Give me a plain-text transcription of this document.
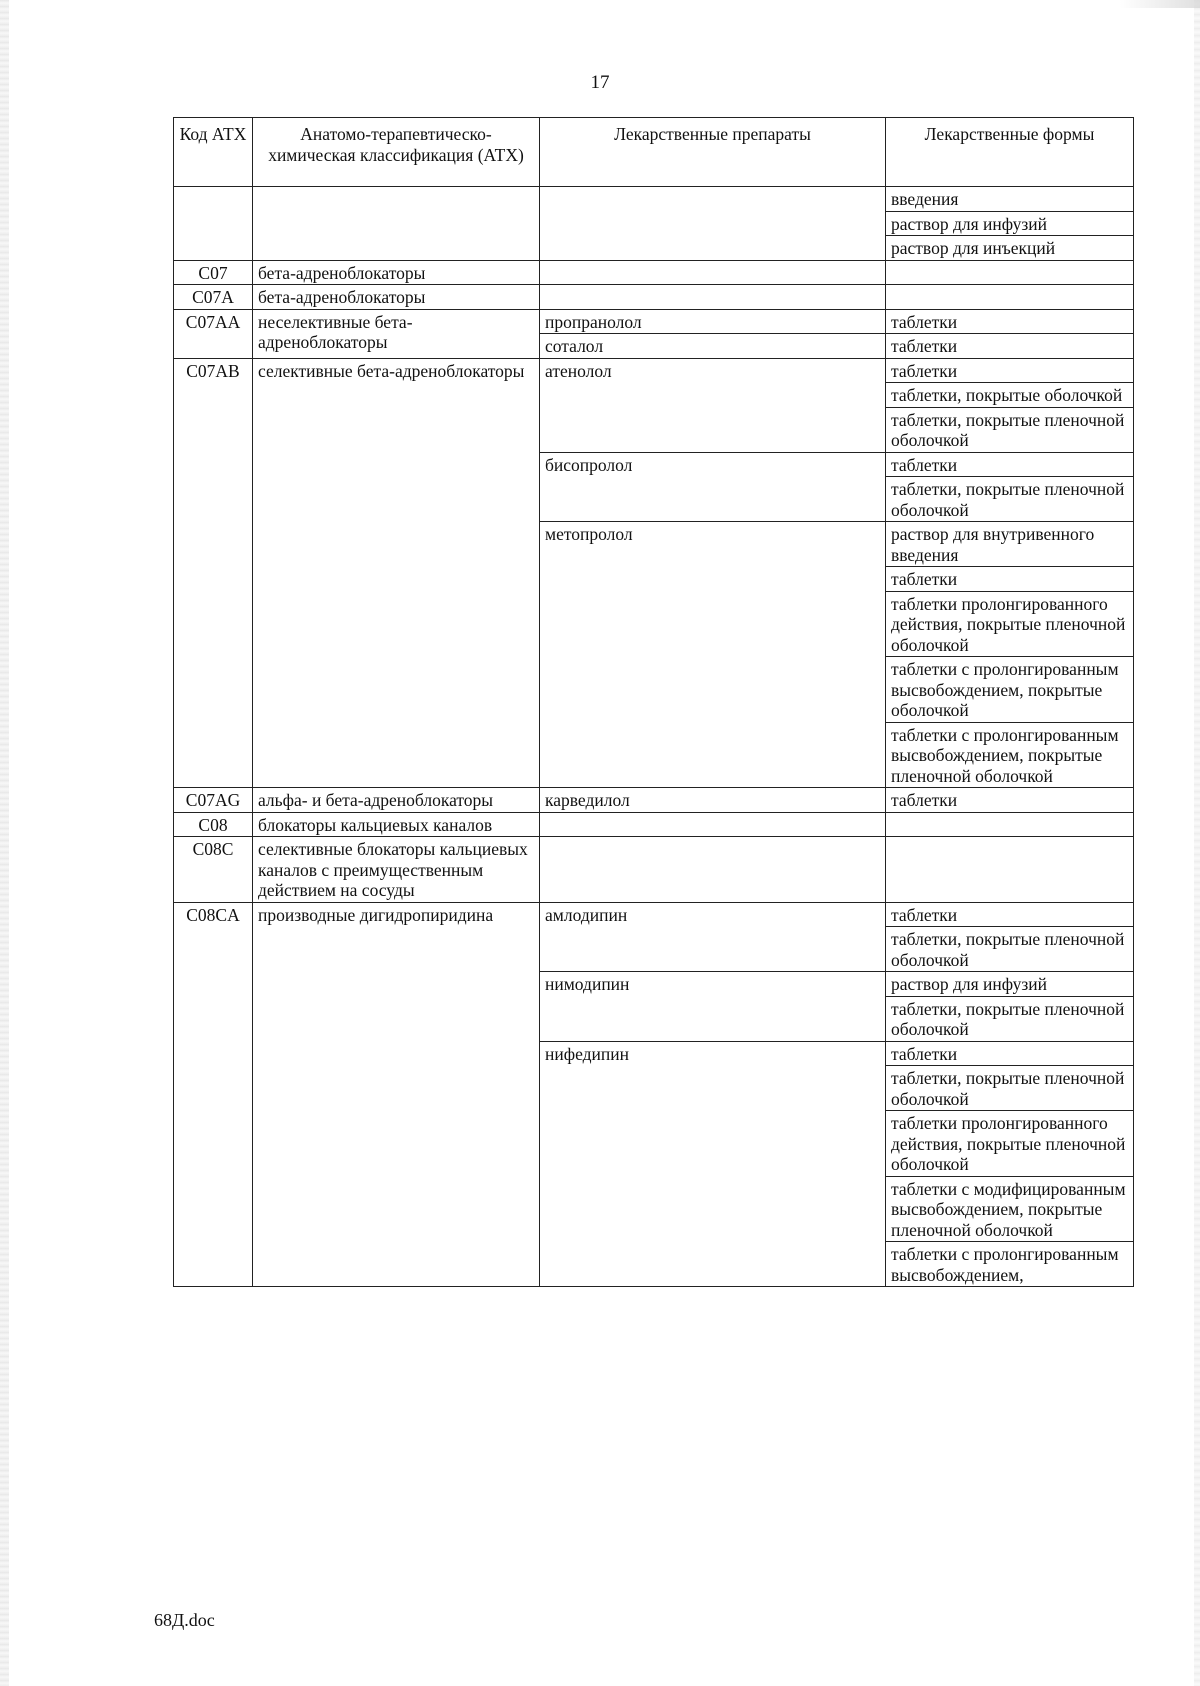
17
Код АТХ	Анатомо-терапевтическо-химическая классификация (АТХ)	Лекарственные препараты	Лекарственные формы
			введения
			раствор для инфузий
			раствор для инъекций
C07	бета-адреноблокаторы		
C07A	бета-адреноблокаторы		
C07AA	неселективные бета-адреноблокаторы	пропранолол	таблетки
		соталол	таблетки
C07AB	селективные бета-адреноблокаторы	атенолол	таблетки
			таблетки, покрытые оболочкой
			таблетки, покрытые пленочной оболочкой
		бисопролол	таблетки
			таблетки, покрытые пленочной оболочкой
		метопролол	раствор для внутривенного введения
			таблетки
			таблетки пролонгированного действия, покрытые пленочной оболочкой
			таблетки с пролонгированным высвобождением, покрытые оболочкой
			таблетки с пролонгированным высвобождением, покрытые пленочной оболочкой
C07AG	альфа- и бета-адреноблокаторы	карведилол	таблетки
C08	блокаторы кальциевых каналов		
C08C	селективные блокаторы кальциевых каналов с преимущественным действием на сосуды		
C08CA	производные дигидропиридина	амлодипин	таблетки
			таблетки, покрытые пленочной оболочкой
		нимодипин	раствор для инфузий
			таблетки, покрытые пленочной оболочкой
		нифедипин	таблетки
			таблетки, покрытые пленочной оболочкой
			таблетки пролонгированного действия, покрытые пленочной оболочкой
			таблетки с модифицированным высвобождением, покрытые пленочной оболочкой
			таблетки с пролонгированным высвобождением,
68Д.doc
